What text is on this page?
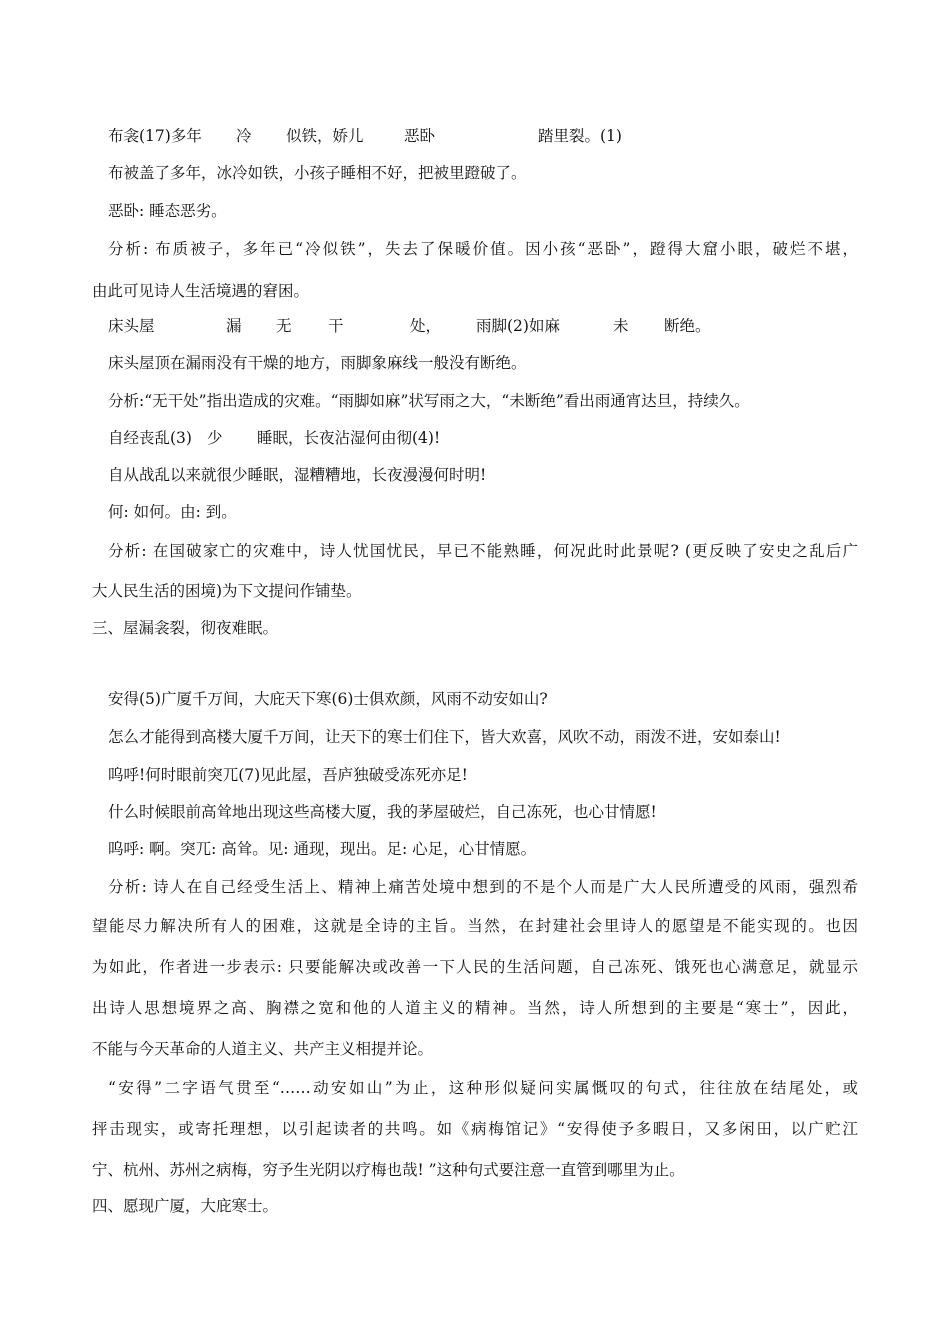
布衾(17)多年 冷 似铁，娇儿	恶卧	踏里裂。(1)
布被盖了多年，冰冷如铁，小孩子睡相不好，把被里蹬破了。
恶卧: 睡态恶劣。
分析: 布质被子，多年已“冷似铁”，失去了保暖价值。因小孩“恶卧”，蹬得大窟小眼，破烂不堪，
由此可见诗人生活境遇的窘困。
床头屋	漏 无 干	处， 雨脚(2)如麻	未 断绝。
床头屋顶在漏雨没有干燥的地方，雨脚象麻线一般没有断绝。
分析:“无干处”指出造成的灾难。“雨脚如麻”状写雨之大，“未断绝”看出雨通宵达旦，持续久。
自经丧乱(3) 少 睡眠，长夜沾湿何由彻(4)!
自从战乱以来就很少睡眠，湿糟糟地，长夜漫漫何时明!
何: 如何。由: 到。
分析: 在国破家亡的灾难中，诗人忧国忧民，早已不能熟睡，何况此时此景呢? (更反映了安史之乱后广
大人民生活的困境)为下文提问作铺垫。
三、屋漏衾裂，彻夜难眠。
安得(5)广厦千万间，大庇天下寒(6)士俱欢颜，风雨不动安如山?
怎么才能得到高楼大厦千万间，让天下的寒士们住下，皆大欢喜，风吹不动，雨泼不进，安如泰山!
呜呼!何时眼前突兀(7)见此屋，吾庐独破受冻死亦足!
什么时候眼前高耸地出现这些高楼大厦，我的茅屋破烂，自己冻死，也心甘情愿!
呜呼: 啊。突兀: 高耸。见: 通现，现出。足: 心足，心甘情愿。
分析: 诗人在自己经受生活上、精神上痛苦处境中想到的不是个人而是广大人民所遭受的风雨，强烈希
望能尽力解决所有人的困难，这就是全诗的主旨。当然，在封建社会里诗人的愿望是不能实现的。也因
为如此，作者进一步表示: 只要能解决或改善一下人民的生活问题，自己冻死、饿死也心满意足，就显示
出诗人思想境界之高、胸襟之宽和他的人道主义的精神。当然，诗人所想到的主要是“寒士”，因此，
不能与今天革命的人道主义、共产主义相提并论。
“安得”二字语气贯至“……动安如山”为止，这种形似疑问实属慨叹的句式，往往放在结尾处，或
抨击现实，或寄托理想，以引起读者的共鸣。如《病梅馆记》“安得使予多暇日，又多闲田，以广贮江
宁、杭州、苏州之病梅，穷予生光阴以疗梅也哉! ”这种句式要注意一直管到哪里为止。
四、愿现广厦，大庇寒士。
